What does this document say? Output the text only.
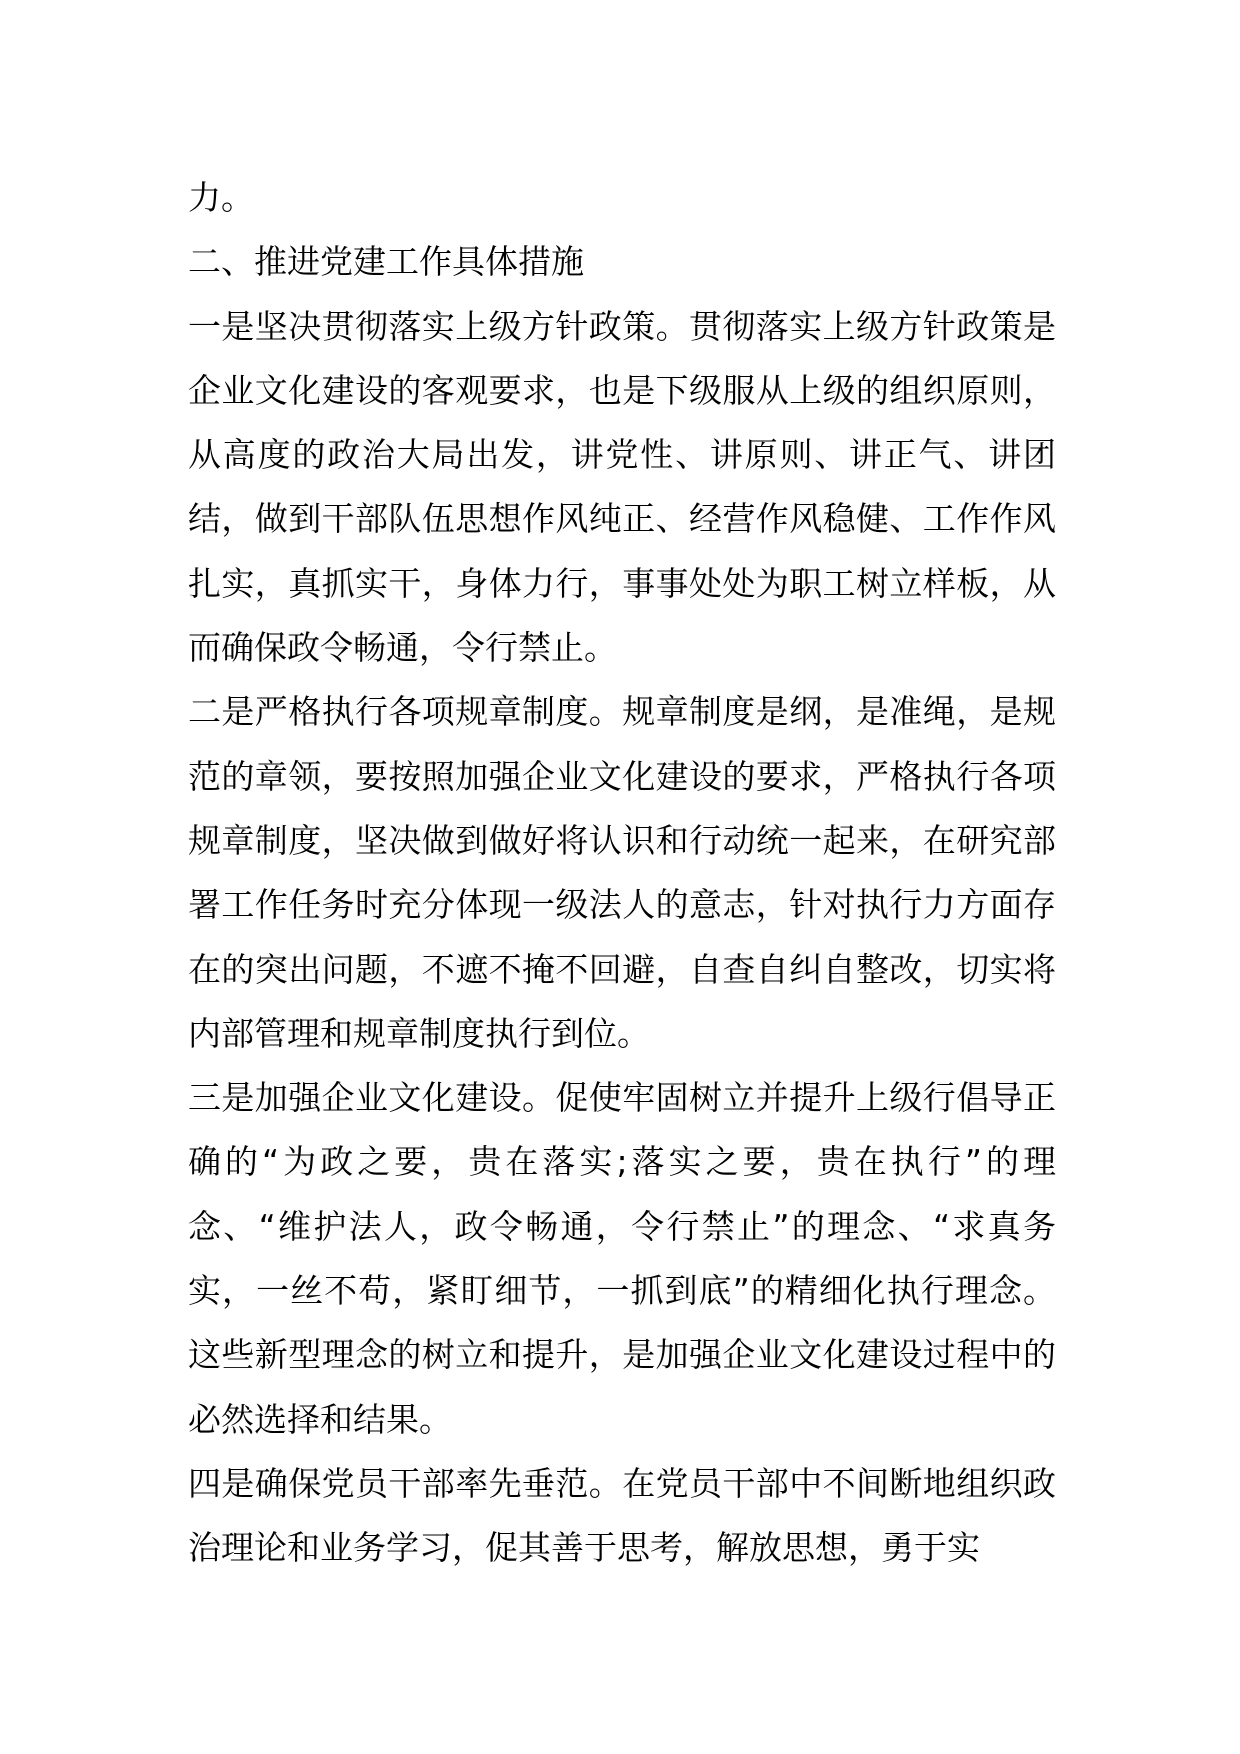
力。

二、推进党建工作具体措施

一是坚决贯彻落实上级方针政策。贯彻落实上级方针政策是企业文化建设的客观要求，也是下级服从上级的组织原则，从高度的政治大局出发，讲党性、讲原则、讲正气、讲团结，做到干部队伍思想作风纯正、经营作风稳健、工作作风扎实，真抓实干，身体力行，事事处处为职工树立样板，从而确保政令畅通，令行禁止。

二是严格执行各项规章制度。规章制度是纲，是准绳，是规范的章领，要按照加强企业文化建设的要求，严格执行各项规章制度，坚决做到做好将认识和行动统一起来，在研究部署工作任务时充分体现一级法人的意志，针对执行力方面存在的突出问题，不遮不掩不回避，自查自纠自整改，切实将内部管理和规章制度执行到位。

三是加强企业文化建设。促使牢固树立并提升上级行倡导正确的“为政之要，贵在落实;落实之要，贵在执行”的理念、“维护法人，政令畅通，令行禁止”的理念、“求真务实，一丝不苟，紧盯细节，一抓到底”的精细化执行理念。这些新型理念的树立和提升，是加强企业文化建设过程中的必然选择和结果。

四是确保党员干部率先垂范。在党员干部中不间断地组织政治理论和业务学习，促其善于思考，解放思想，勇于实
